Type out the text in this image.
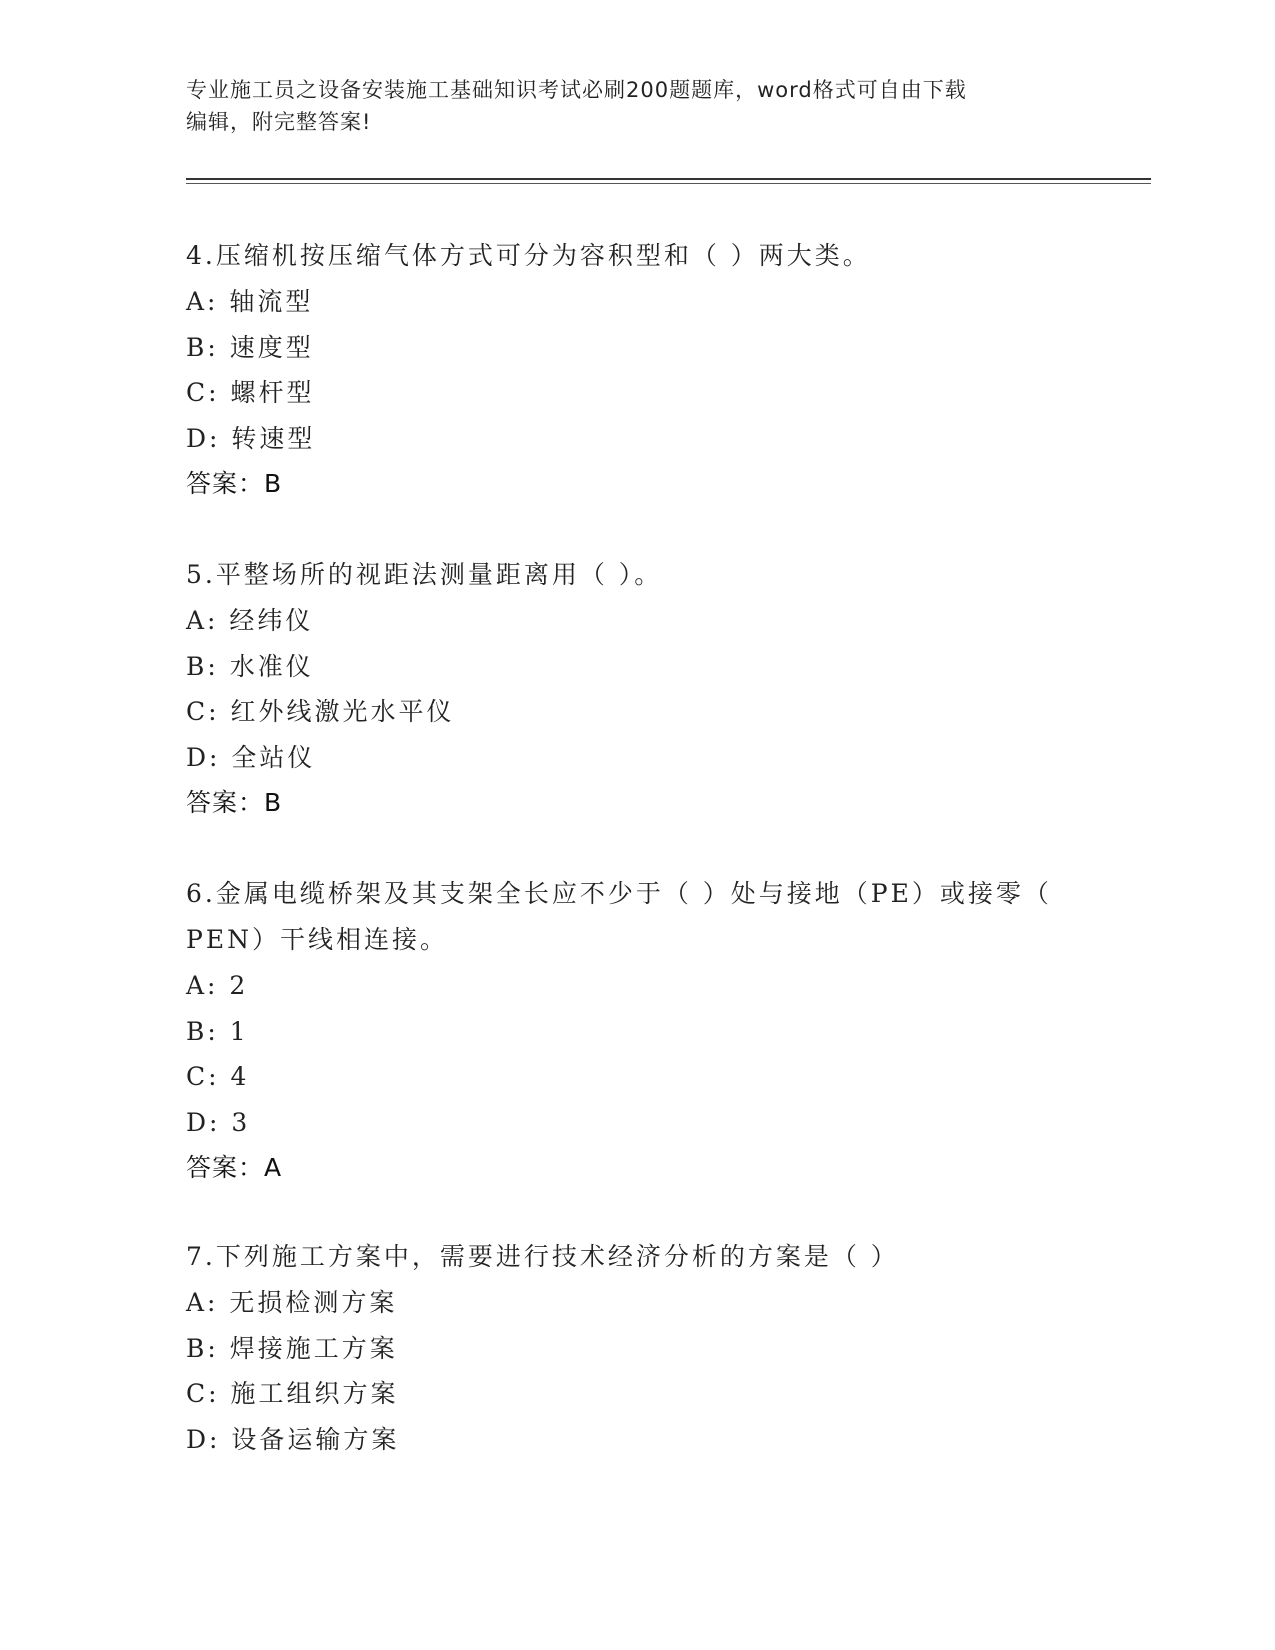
专业施工员之设备安装施工基础知识考试必刷200题题库，word格式可自由下载
编辑，附完整答案!

4.压缩机按压缩气体方式可分为容积型和（ ）两大类。

A: 轴流型

B: 速度型

C: 螺杆型

D: 转速型

答案：B

5.平整场所的视距法测量距离用（ ）。

A: 经纬仪

B: 水准仪

C: 红外线激光水平仪

D: 全站仪

答案：B

6.金属电缆桥架及其支架全长应不少于（ ）处与接地（PE）或接零（

PEN）干线相连接。

A: 2

B: 1

C: 4

D: 3

答案：A

7.下列施工方案中，需要进行技术经济分析的方案是（ ）

A: 无损检测方案

B: 焊接施工方案

C: 施工组织方案

D: 设备运输方案
